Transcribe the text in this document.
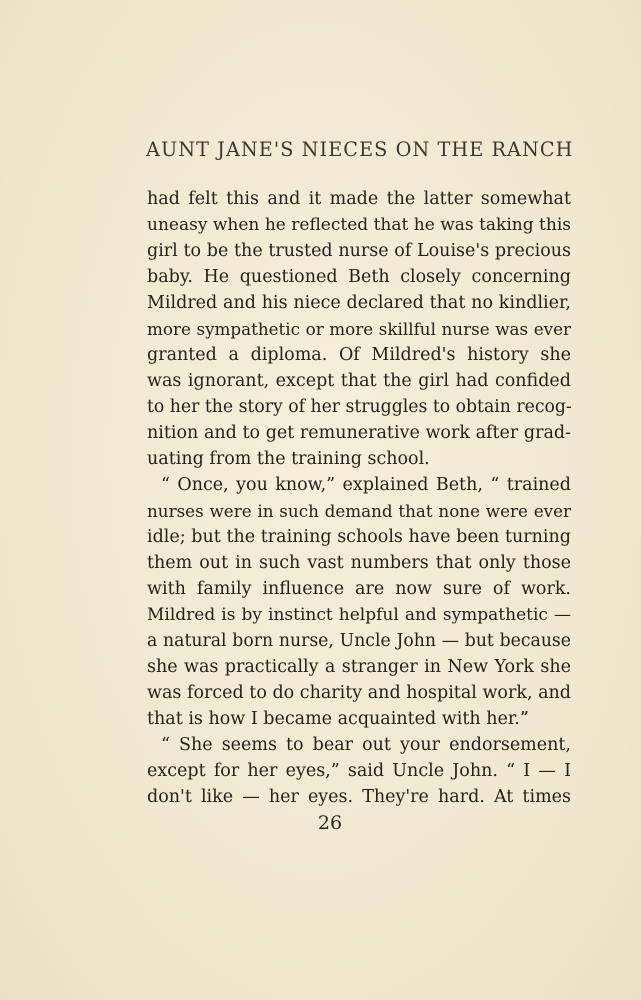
AUNT JANE'S NIECES ON THE RANCH
had felt this and it made the latter somewhat
uneasy when he reflected that he was taking this
girl to be the trusted nurse of Louise's precious
baby. He questioned Beth closely concerning
Mildred and his niece declared that no kindlier,
more sympathetic or more skillful nurse was ever
granted a diploma. Of Mildred's history she
was ignorant, except that the girl had confided
to her the story of her struggles to obtain recog-
nition and to get remunerative work after grad-
uating from the training school.
“ Once, you know,” explained Beth, “ trained
nurses were in such demand that none were ever
idle; but the training schools have been turning
them out in such vast numbers that only those
with family influence are now sure of work.
Mildred is by instinct helpful and sympathetic —
a natural born nurse, Uncle John — but because
she was practically a stranger in New York she
was forced to do charity and hospital work, and
that is how I became acquainted with her.”
“ She seems to bear out your endorsement,
except for her eyes,” said Uncle John. “ I — I
don't like — her eyes. They're hard. At times
26
